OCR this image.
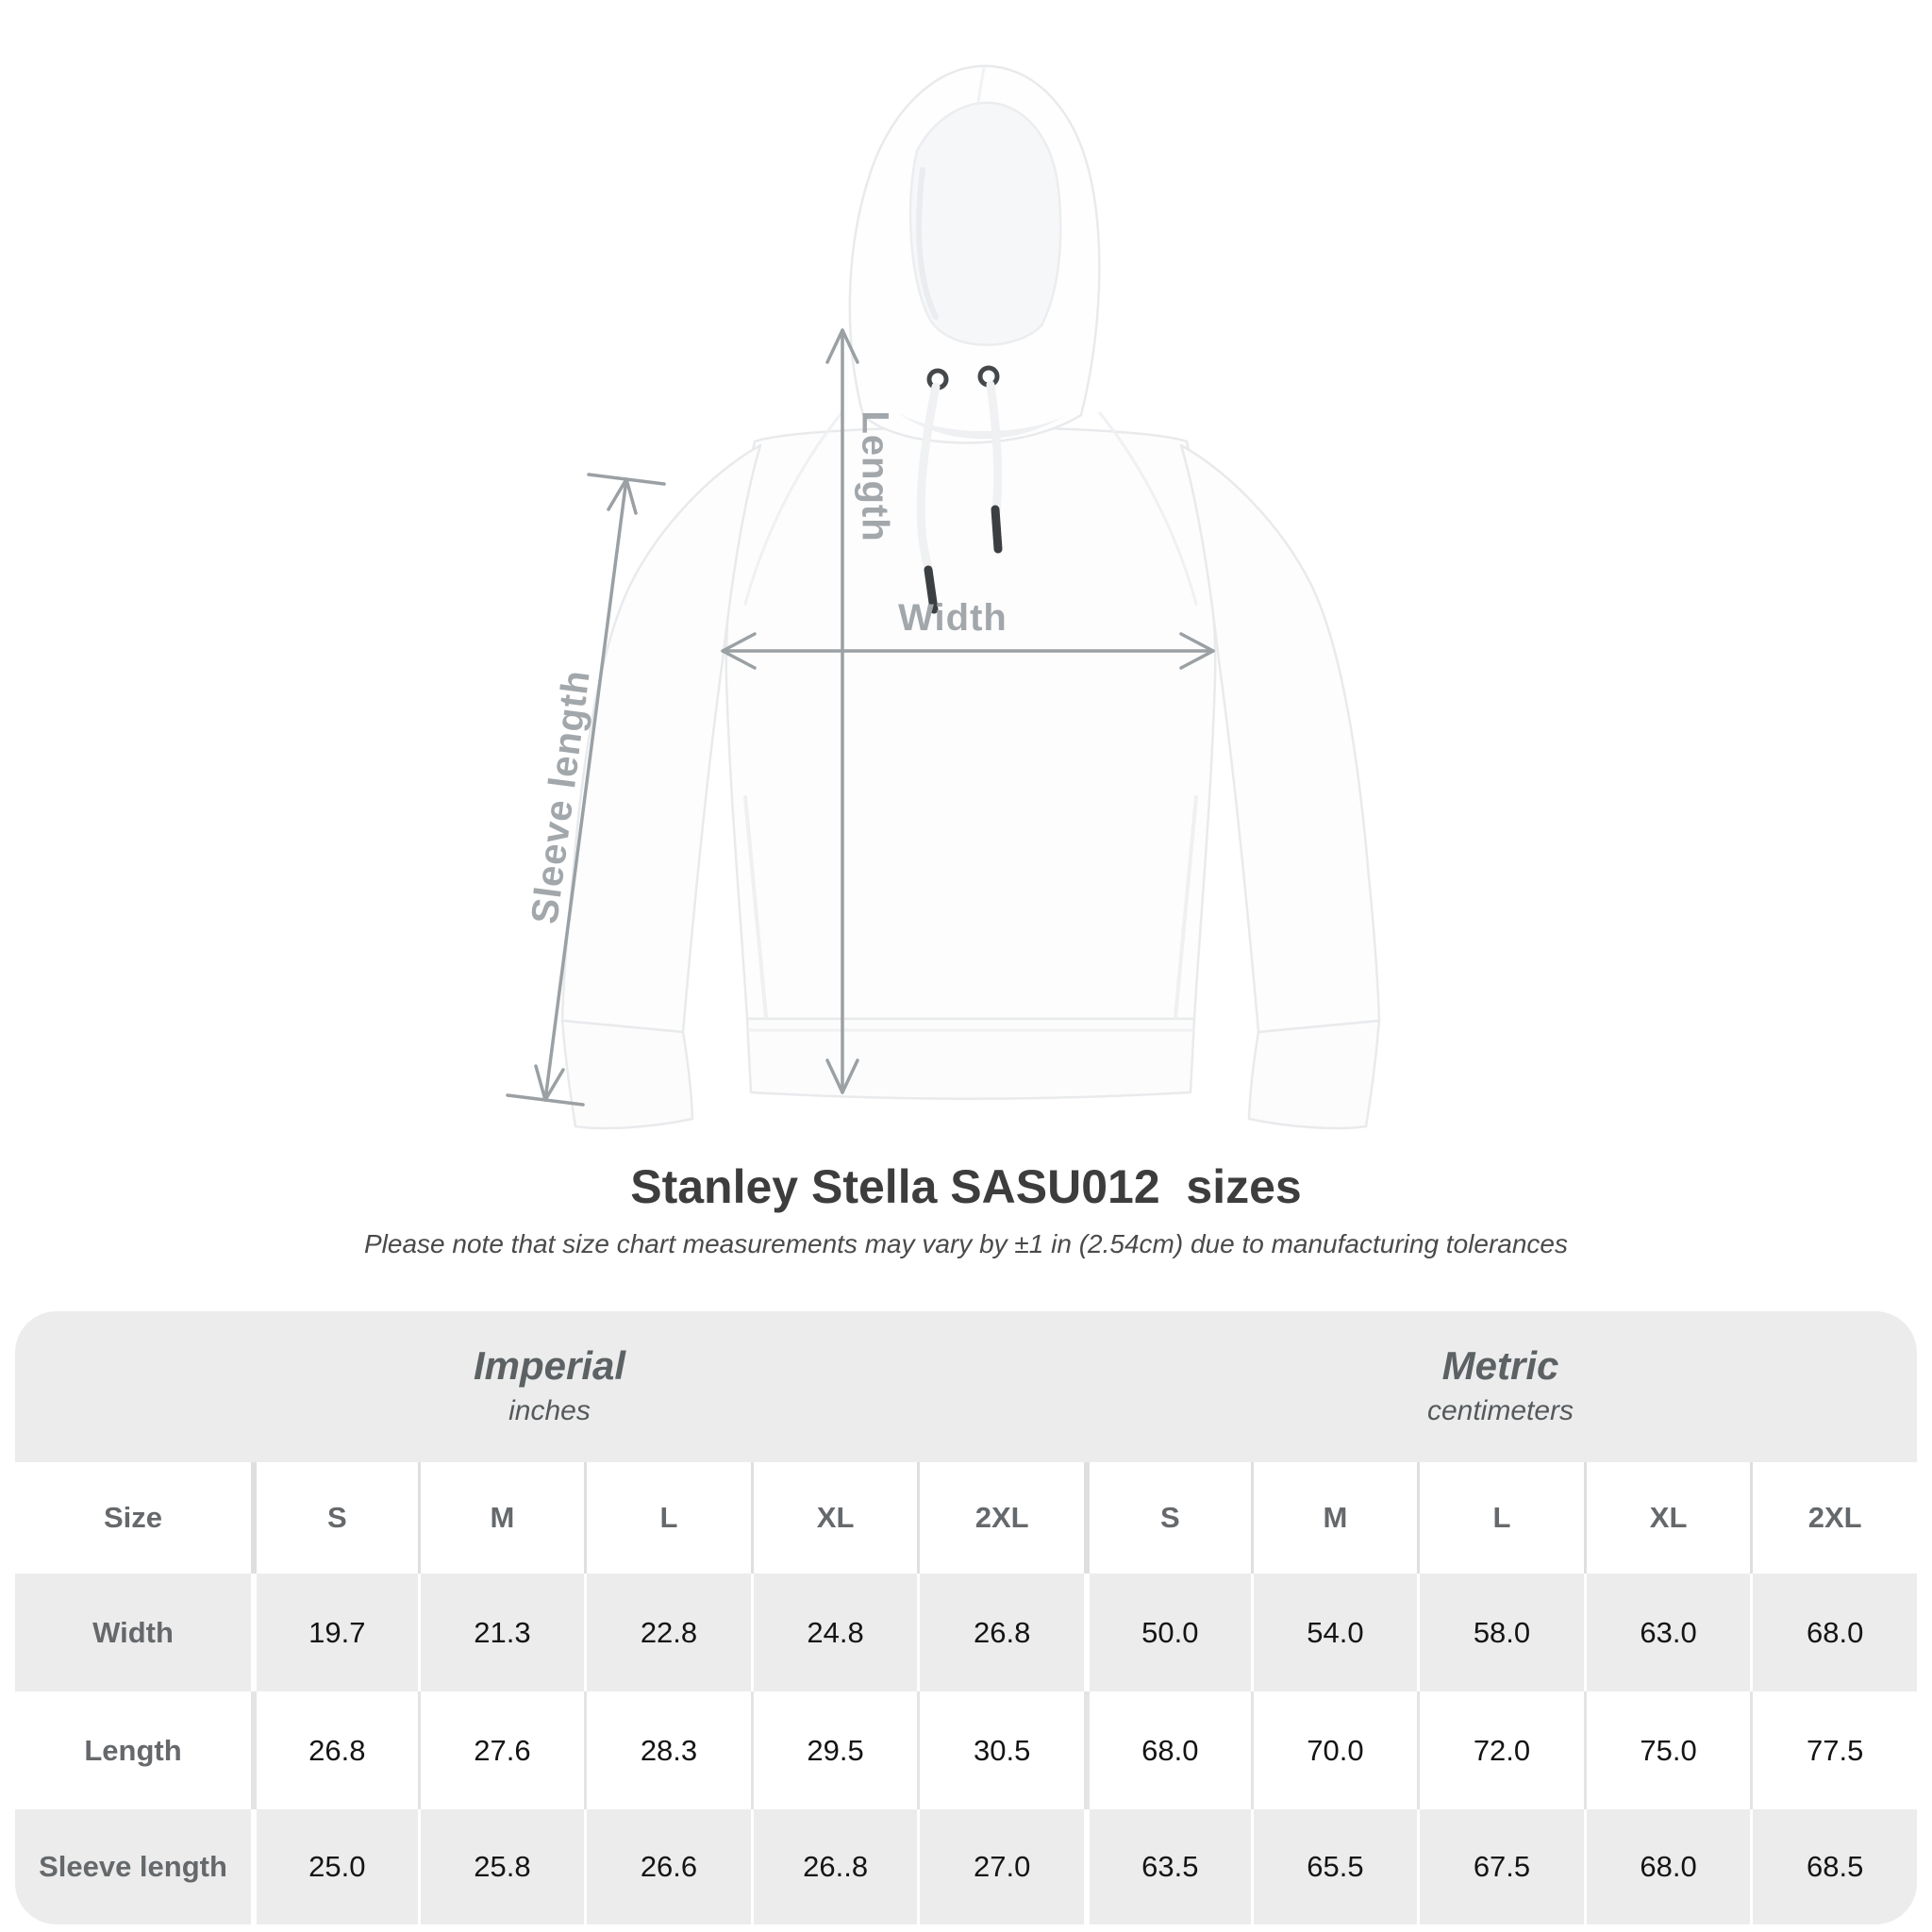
Length
Width
Sleeve length
Stanley Stella SASU012  sizes

Please note that size chart measurements may vary by ±1 in (2.54cm) due to manufacturing tolerances

Imperial
inches
Metric
centimeters
Size	S	M	L	XL	2XL	S	M	L	XL	2XL
Width	19.7	21.3	22.8	24.8	26.8	50.0	54.0	58.0	63.0	68.0
Length	26.8	27.6	28.3	29.5	30.5	68.0	70.0	72.0	75.0	77.5
Sleeve length	25.0	25.8	26.6	26..8	27.0	63.5	65.5	67.5	68.0	68.5
